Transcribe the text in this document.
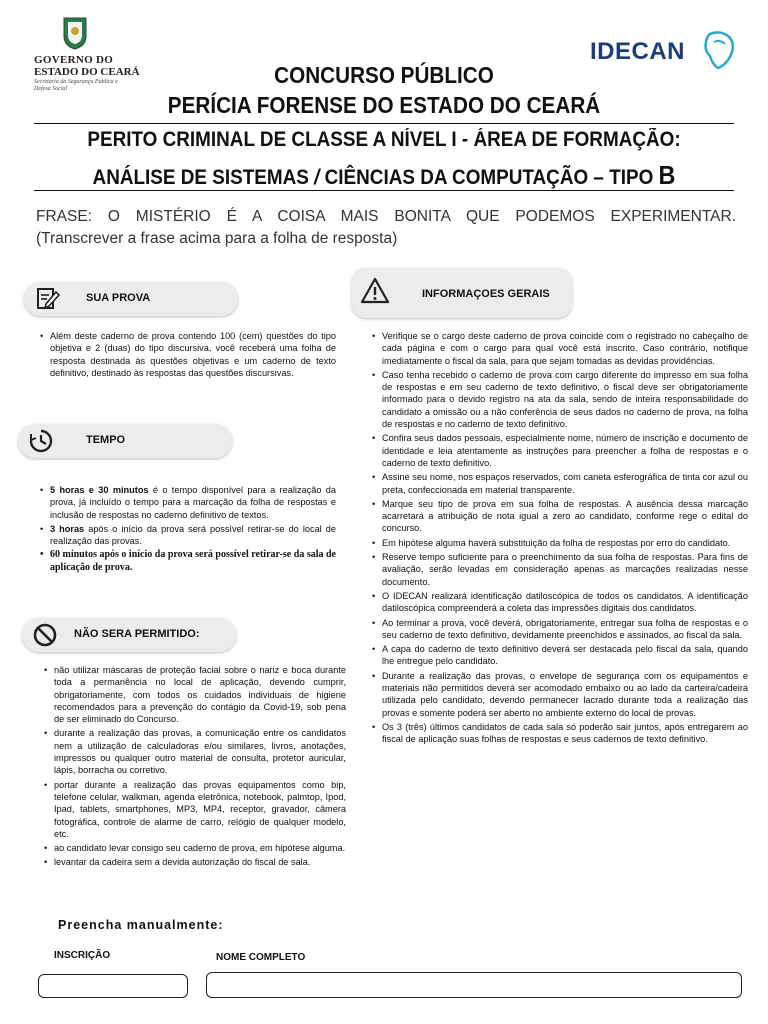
GOVERNO DO
ESTADO DO CEARÁ
Secretaria da Segurança Pública e Defesa Social
IDECAN
CONCURSO PÚBLICO
PERÍCIA FORENSE DO ESTADO DO CEARÁ
PERITO CRIMINAL DE CLASSE A NÍVEL I - ÁREA DE FORMAÇÃO:
ANÁLISE DE SISTEMAS / CIÊNCIAS DA COMPUTAÇÃO – TIPO B
FRASE: O MISTÉRIO É A COISA MAIS BONITA QUE PODEMOS EXPERIMENTAR.
(Transcrever a frase acima para a folha de resposta)
SUA PROVA
• Além deste caderno de prova contendo 100 (cem) questões do tipo objetiva e 2 (duas) do tipo discursiva, você receberá uma folha de resposta destinada às questões objetivas e um caderno de texto definitivo, destinado às respostas das questões discursivas.
TEMPO
• 5 horas e 30 minutos é o tempo disponível para a realização da prova, já incluído o tempo para a marcação da folha de respostas e inclusão de respostas no caderno definitivo de textos.
• 3 horas após o início da prova será possível retirar-se do local de realização das provas.
• 60 minutos após o início da prova será possível retirar-se da sala de aplicação de prova.
NÃO SERA PERMITIDO:
• não utilizar máscaras de proteção facial sobre o nariz e boca durante toda a permanência no local de aplicação, devendo cumprir, obrigatoriamente, com todos os cuidados individuais de higiene recomendados para a prevenção do contágio da Covid-19, sob pena de ser eliminado do Concurso.
• durante a realização das provas, a comunicação entre os candidatos nem a utilização de calculadoras e/ou similares, livros, anotações, impressos ou qualquer outro material de consulta, protetor auricular, lápis, borracha ou corretivo.
• portar durante a realização das provas equipamentos como bip, telefone celular, walkman, agenda eletrônica, notebook, palmtop, Ipod, Ipad, tablets, smartphones, MP3, MP4, receptor, gravador, câmera fotográfica, controle de alarme de carro, relógio de qualquer modelo, etc.
• ao candidato levar consigo seu caderno de prova, em hipótese alguma.
• levantar da cadeira sem a devida autorização do fiscal de sala.
INFORMAÇOES GERAIS
• Verifique se o cargo deste caderno de prova coincide com o registrado no cabeçalho de cada página e com o cargo para qual você está inscrito. Caso contrário, notifique imediatamente o fiscal da sala, para que sejam tomadas as devidas providências.
• Caso tenha recebido o caderno de prova com cargo diferente do impresso em sua folha de respostas e em seu caderno de texto definitivo, o fiscal deve ser obrigatoriamente informado para o devido registro na ata da sala, sendo de inteira responsabilidade do candidato a omissão ou a não conferência de seus dados no caderno de prova, na folha de respostas e no caderno de texto definitivo.
• Confira seus dados pessoais, especialmente nome, número de inscrição e documento de identidade e leia atentamente as instruções para preencher a folha de respostas e o caderno de texto definitivo.
• Assine seu nome, nos espaços reservados, com caneta esferográfica de tinta cor azul ou preta, confeccionada em material transparente.
• Marque seu tipo de prova em sua folha de respostas. A ausência dessa marcação acarretará a atribuição de nota igual a zero ao candidato, conforme rege o edital do concurso.
• Em hipótese alguma haverá substituição da folha de respostas por erro do candidato.
• Reserve tempo suficiente para o preenchimento da sua folha de respostas. Para fins de avaliação, serão levadas em consideração apenas as marcações realizadas nesse documento.
• O IDECAN realizará identificação datiloscópica de todos os candidatos. A identificação datiloscópica compreenderá a coleta das impressões digitais dos candidatos.
• Ao terminar a prova, você deverá, obrigatoriamente, entregar sua folha de respostas e o seu caderno de texto definitivo, devidamente preenchidos e assinados, ao fiscal da sala.
• A capa do caderno de texto definitivo deverá ser destacada pelo fiscal da sala, quando lhe entregue pelo candidato.
• Durante a realização das provas, o envelope de segurança com os equipamentos e materiais não permitidos deverá ser acomodado embaixo ou ao lado da carteira/cadeira utilizada pelo candidato, devendo permanecer lacrado durante toda a realização das provas e somente poderá ser aberto no ambiente externo do local de provas.
• Os 3 (três) últimos candidatos de cada sala só poderão sair juntos, após entregarem ao fiscal de aplicação suas folhas de respostas e seus cadernos de texto definitivo.
Preencha manualmente:
INSCRIÇÃO	NOME COMPLETO
